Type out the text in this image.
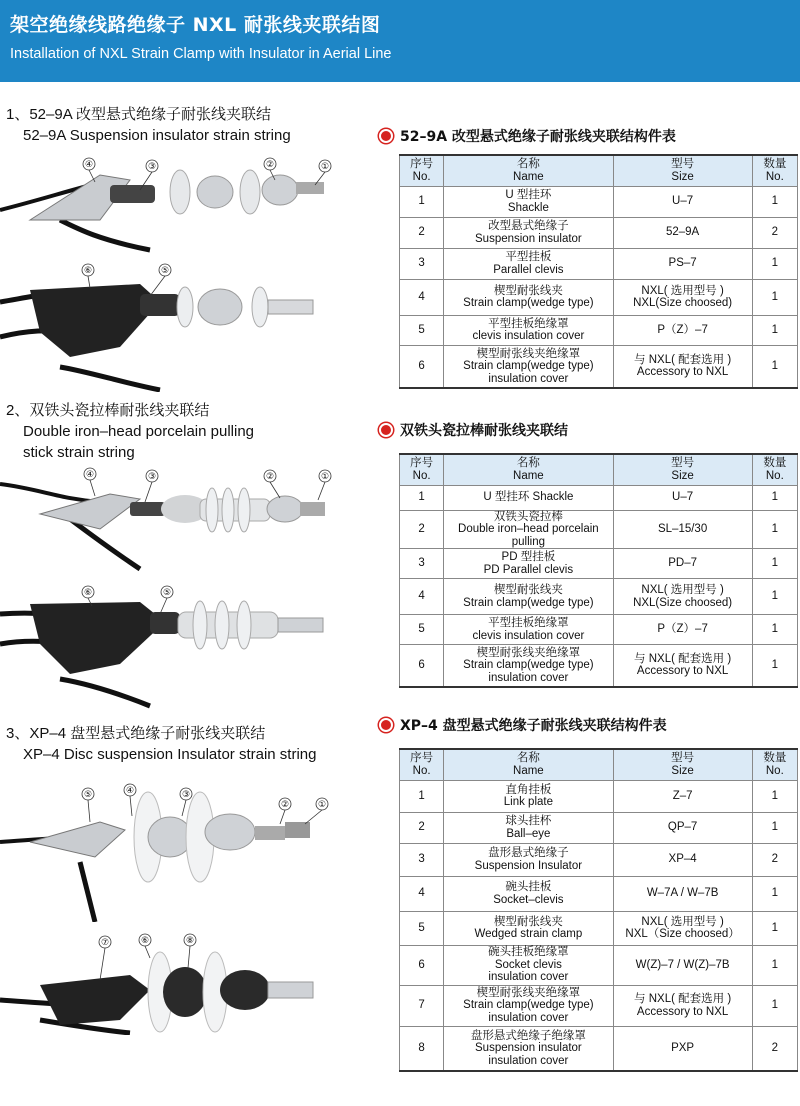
架空绝缘线路绝缘子 NXL 耐张线夹联结图
Installation of NXL Strain Clamp with Insulator in Aerial Line
1、52–9A 改型悬式绝缘子耐张线夹联结
52–9A Suspension insulator strain string
2、双铁头瓷拉棒耐张线夹联结
Double iron–head porcelain pulling
stick strain string
3、XP–4 盘型悬式绝缘子耐张线夹联结
XP–4 Disc suspension Insulator strain string
④	③	②	①
⑥	⑤
④	③	②	①
⑥	⑤
⑤	④	③
②	①
⑦	⑥	⑧
52–9A 改型悬式绝缘子耐张线夹联结构件表
双铁头瓷拉棒耐张线夹联结
XP–4 盘型悬式绝缘子耐张线夹联结构件表
序号
No.	名称
Name	型号
Size	数量
No.

1	U 型挂环
Shackle	U–7	1
2	改型悬式绝缘子
Suspension insulator	52–9A	2
3	平型挂板
Parallel clevis	PS–7	1
4	楔型耐张线夹
Strain clamp(wedge type)	NXL( 选用型号 )
NXL(Size choosed)	1
5	平型挂板绝缘罩
clevis insulation cover	P（Z）–7	1
6	楔型耐张线夹绝缘罩
Strain clamp(wedge type)
insulation cover	与 NXL( 配套选用 )
Accessory to NXL	1
序号
No.	名称
Name	型号
Size	数量
No.

1	U 型挂环 Shackle	U–7	1
2	双铁头瓷拉棒
Double iron–head porcelain pulling	SL–15/30	1
3	PD 型挂板
PD Parallel clevis	PD–7	1
4	楔型耐张线夹
Strain clamp(wedge type)	NXL( 选用型号 )
NXL(Size choosed)	1
5	平型挂板绝缘罩
clevis insulation cover	P（Z）–7	1
6	楔型耐张线夹绝缘罩
Strain clamp(wedge type)
insulation cover	与 NXL( 配套选用 )
Accessory to NXL	1
序号
No.	名称
Name	型号
Size	数量
No.

1	直角挂板
Link plate	Z–7	1
2	球头挂杯
Ball–eye	QP–7	1
3	盘形悬式绝缘子
Suspension Insulator	XP–4	2
4	碗头挂板
Socket–clevis	W–7A / W–7B	1
5	楔型耐张线夹
Wedged strain clamp	NXL( 选用型号 )
NXL（Size choosed）	1
6	碗头挂板绝缘罩
Socket clevis
insulation cover	W(Z)–7 / W(Z)–7B	1
7	楔型耐张线夹绝缘罩
Strain clamp(wedge type)
insulation cover	与 NXL( 配套选用 )
Accessory to NXL	1
8	盘形悬式绝缘子绝缘罩
Suspension insulator
insulation cover	PXP	2
